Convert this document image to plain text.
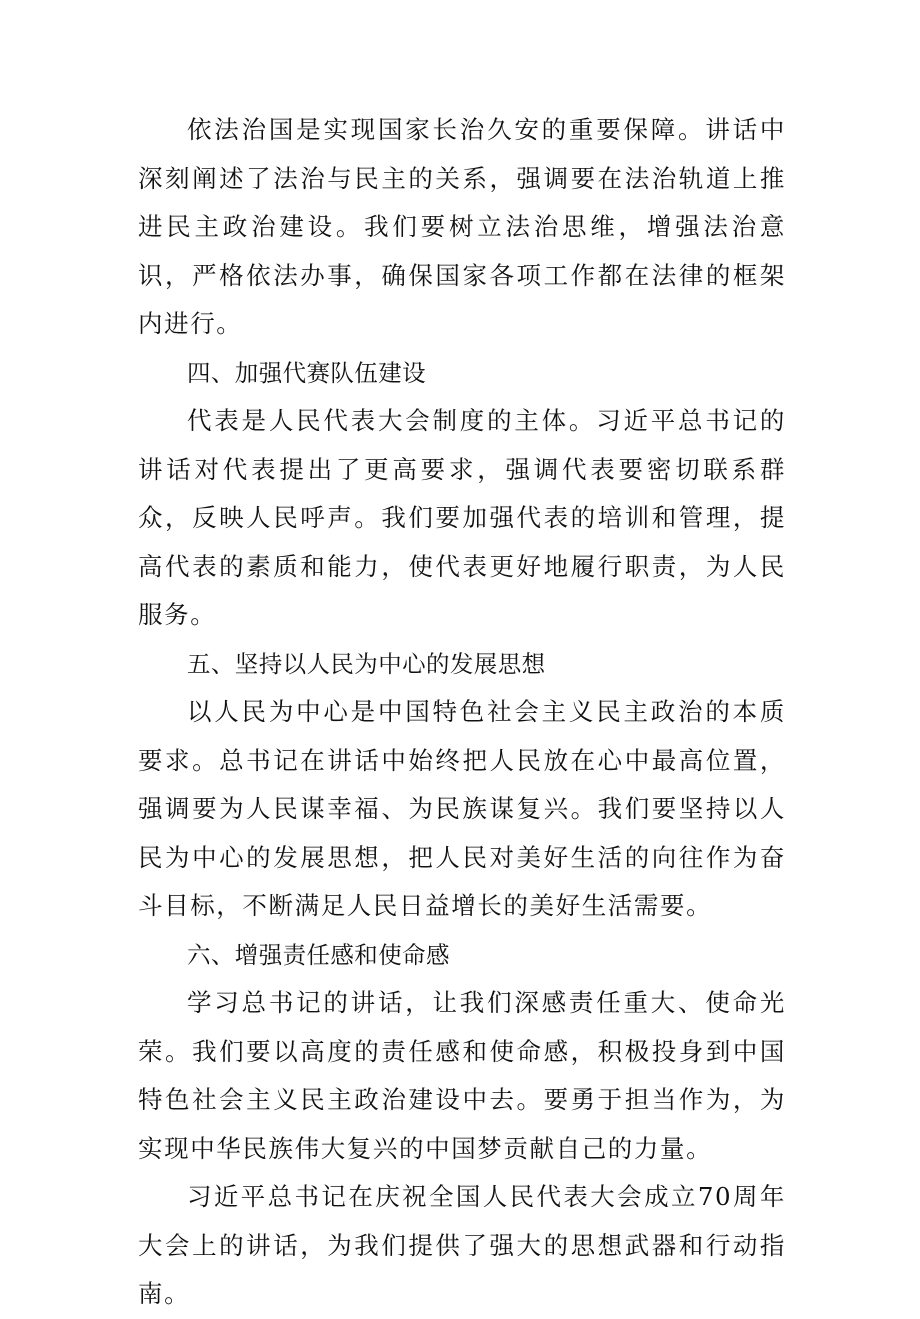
依法治国是实现国家长治久安的重要保障。讲话中深刻阐述了法治与民主的关系，强调要在法治轨道上推进民主政治建设。我们要树立法治思维，增强法治意识，严格依法办事，确保国家各项工作都在法律的框架内进行。

四、加强代赛队伍建设

代表是人民代表大会制度的主体。习近平总书记的讲话对代表提出了更高要求，强调代表要密切联系群众，反映人民呼声。我们要加强代表的培训和管理，提高代表的素质和能力，使代表更好地履行职责，为人民服务。

五、坚持以人民为中心的发展思想

以人民为中心是中国特色社会主义民主政治的本质要求。总书记在讲话中始终把人民放在心中最高位置，强调要为人民谋幸福、为民族谋复兴。我们要坚持以人民为中心的发展思想，把人民对美好生活的向往作为奋斗目标，不断满足人民日益增长的美好生活需要。

六、增强责任感和使命感

学习总书记的讲话，让我们深感责任重大、使命光荣。我们要以高度的责任感和使命感，积极投身到中国特色社会主义民主政治建设中去。要勇于担当作为，为实现中华民族伟大复兴的中国梦贡献自己的力量。

习近平总书记在庆祝全国人民代表大会成立70周年大会上的讲话，为我们提供了强大的思想武器和行动指南。
